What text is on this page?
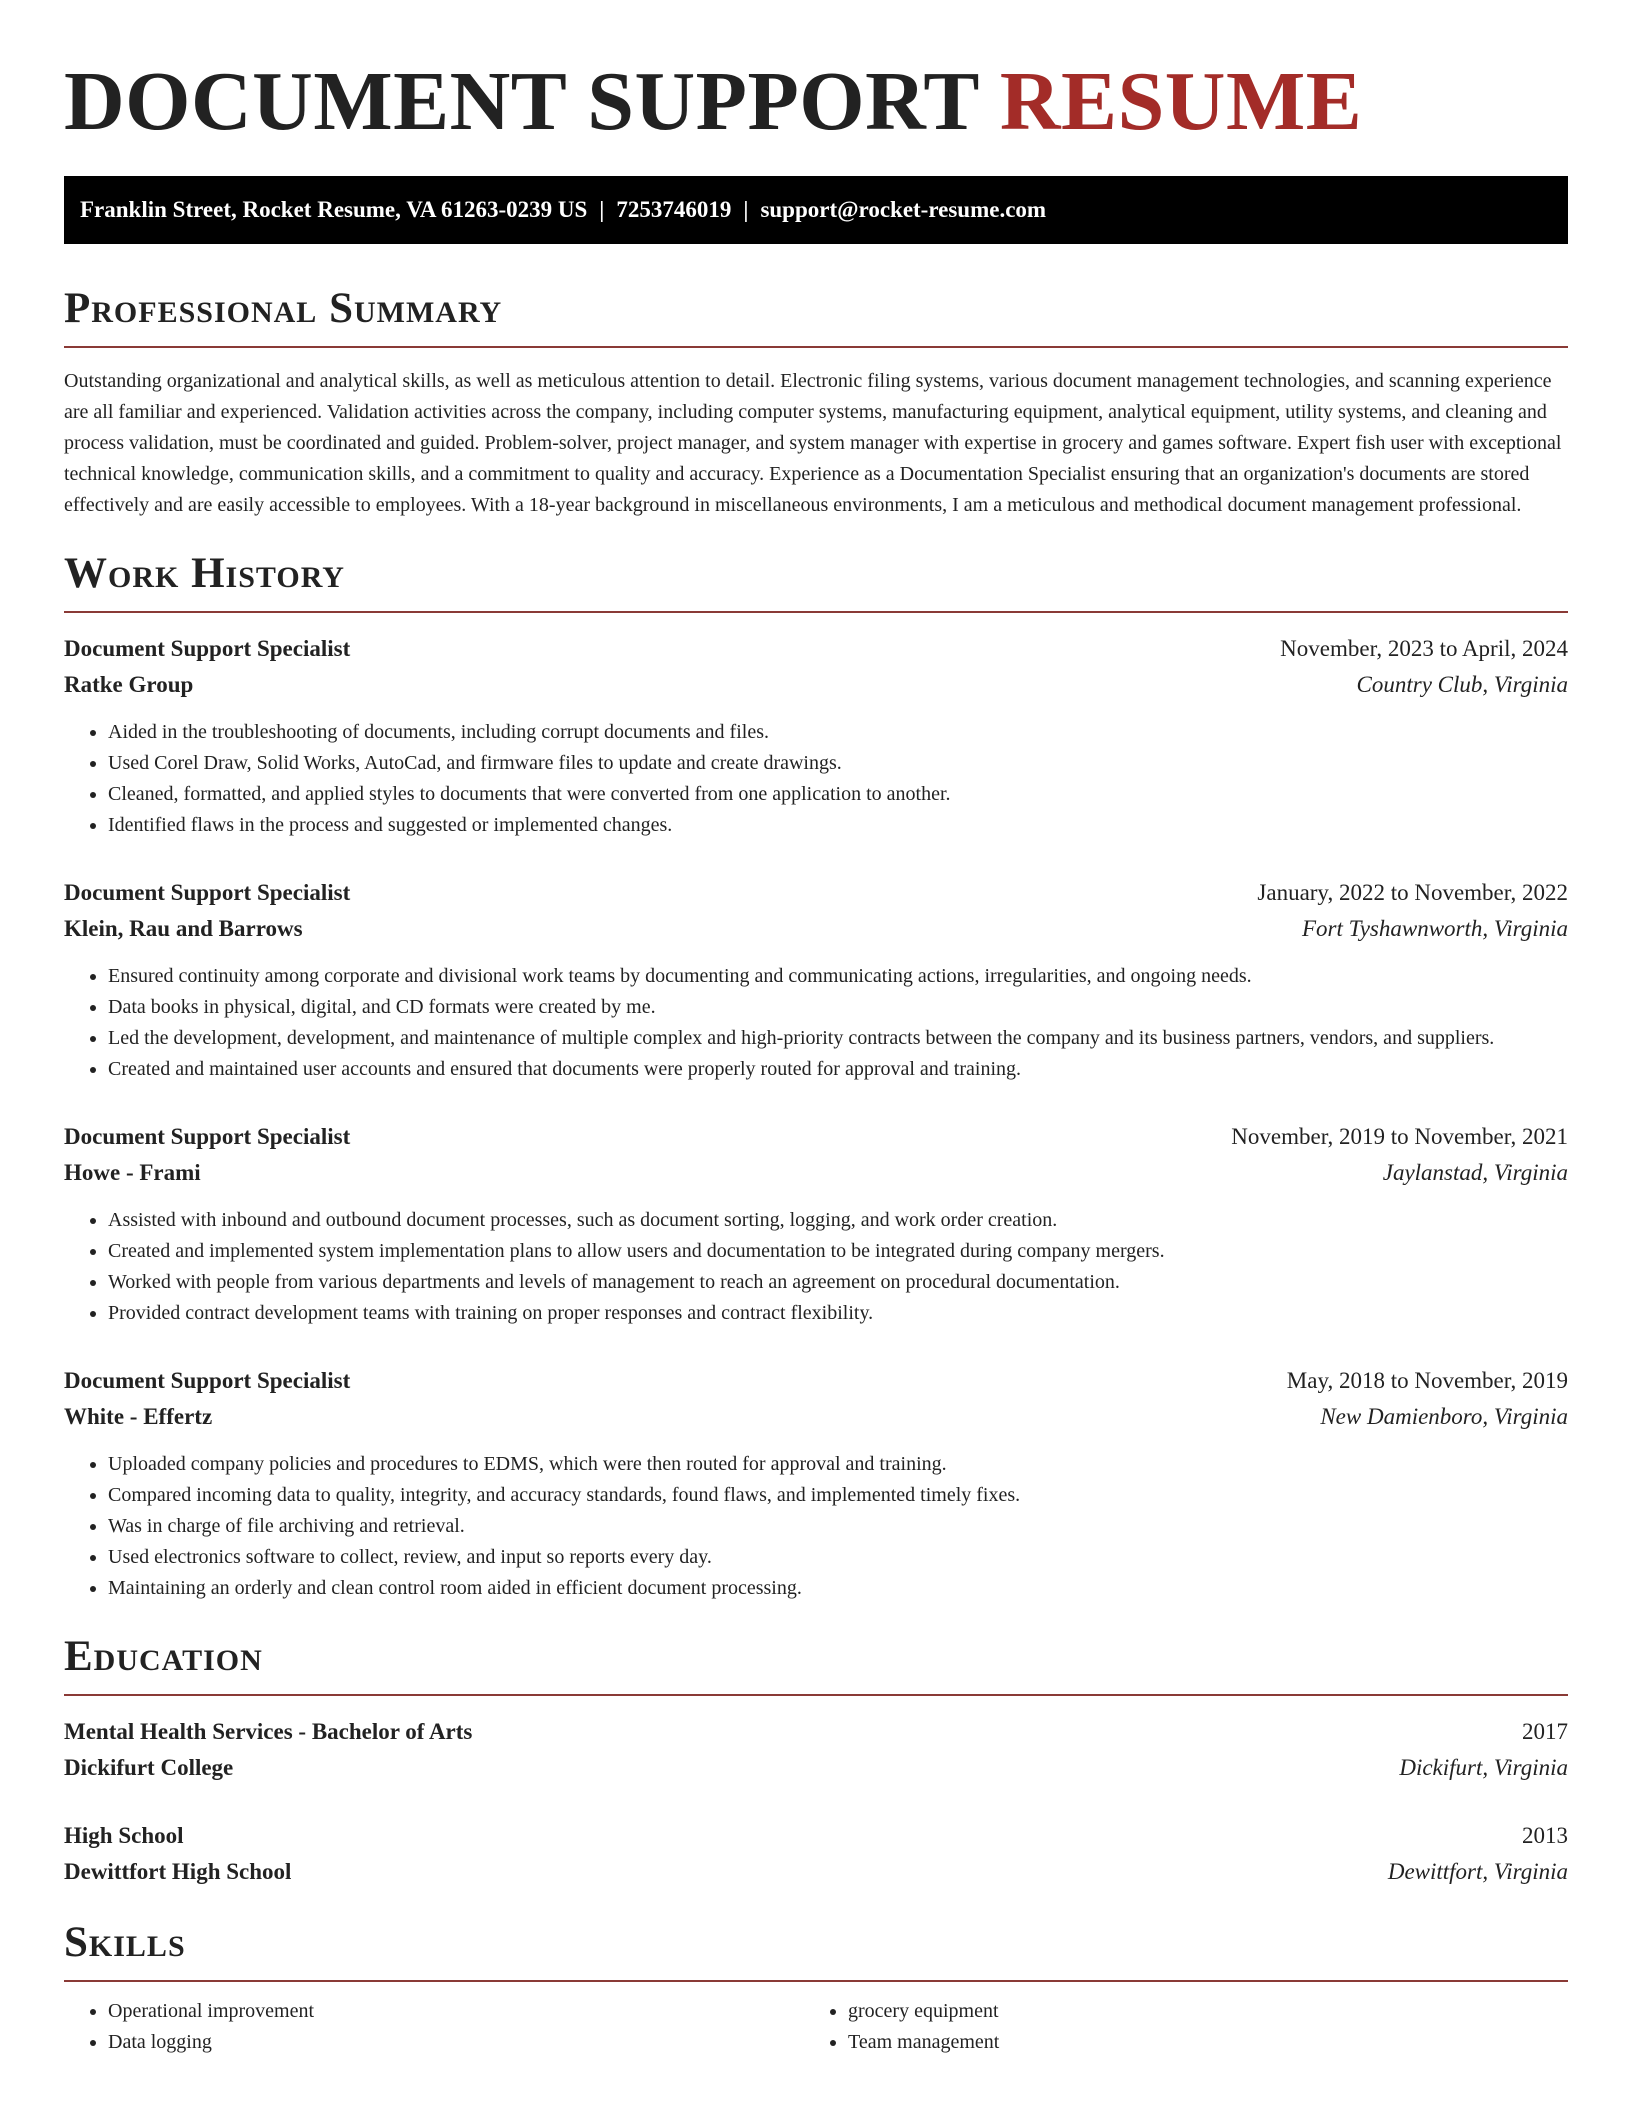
DOCUMENT SUPPORT RESUME
Franklin Street, Rocket Resume, VA 61263-0239 US | 7253746019 | support@rocket-resume.com
Professional Summary

Outstanding organizational and analytical skills, as well as meticulous attention to detail. Electronic filing systems, various document management technologies, and scanning experience are all familiar and experienced. Validation activities across the company, including computer systems, manufacturing equipment, analytical equipment, utility systems, and cleaning and process validation, must be coordinated and guided. Problem-solver, project manager, and system manager with expertise in grocery and games software. Expert fish user with exceptional technical knowledge, communication skills, and a commitment to quality and accuracy. Experience as a Documentation Specialist ensuring that an organization's documents are stored effectively and are easily accessible to employees. With a 18-year background in miscellaneous environments, I am a meticulous and methodical document management professional.

Work History
Document Support Specialist	November, 2023 to April, 2024
Ratke Group	Country Club, Virginia
• Aided in the troubleshooting of documents, including corrupt documents and files.
• Used Corel Draw, Solid Works, AutoCad, and firmware files to update and create drawings.
• Cleaned, formatted, and applied styles to documents that were converted from one application to another.
• Identified flaws in the process and suggested or implemented changes.
Document Support Specialist	January, 2022 to November, 2022
Klein, Rau and Barrows	Fort Tyshawnworth, Virginia
• Ensured continuity among corporate and divisional work teams by documenting and communicating actions, irregularities, and ongoing needs.
• Data books in physical, digital, and CD formats were created by me.
• Led the development, development, and maintenance of multiple complex and high-priority contracts between the company and its business partners, vendors, and suppliers.
• Created and maintained user accounts and ensured that documents were properly routed for approval and training.
Document Support Specialist	November, 2019 to November, 2021
Howe - Frami	Jaylanstad, Virginia
• Assisted with inbound and outbound document processes, such as document sorting, logging, and work order creation.
• Created and implemented system implementation plans to allow users and documentation to be integrated during company mergers.
• Worked with people from various departments and levels of management to reach an agreement on procedural documentation.
• Provided contract development teams with training on proper responses and contract flexibility.
Document Support Specialist	May, 2018 to November, 2019
White - Effertz	New Damienboro, Virginia
• Uploaded company policies and procedures to EDMS, which were then routed for approval and training.
• Compared incoming data to quality, integrity, and accuracy standards, found flaws, and implemented timely fixes.
• Was in charge of file archiving and retrieval.
• Used electronics software to collect, review, and input so reports every day.
• Maintaining an orderly and clean control room aided in efficient document processing.
Education
Mental Health Services - Bachelor of Arts	2017
Dickifurt College	Dickifurt, Virginia
High School	2013
Dewittfort High School	Dewittfort, Virginia
Skills
• Operational improvement
• Data logging
• grocery equipment
• Team management
